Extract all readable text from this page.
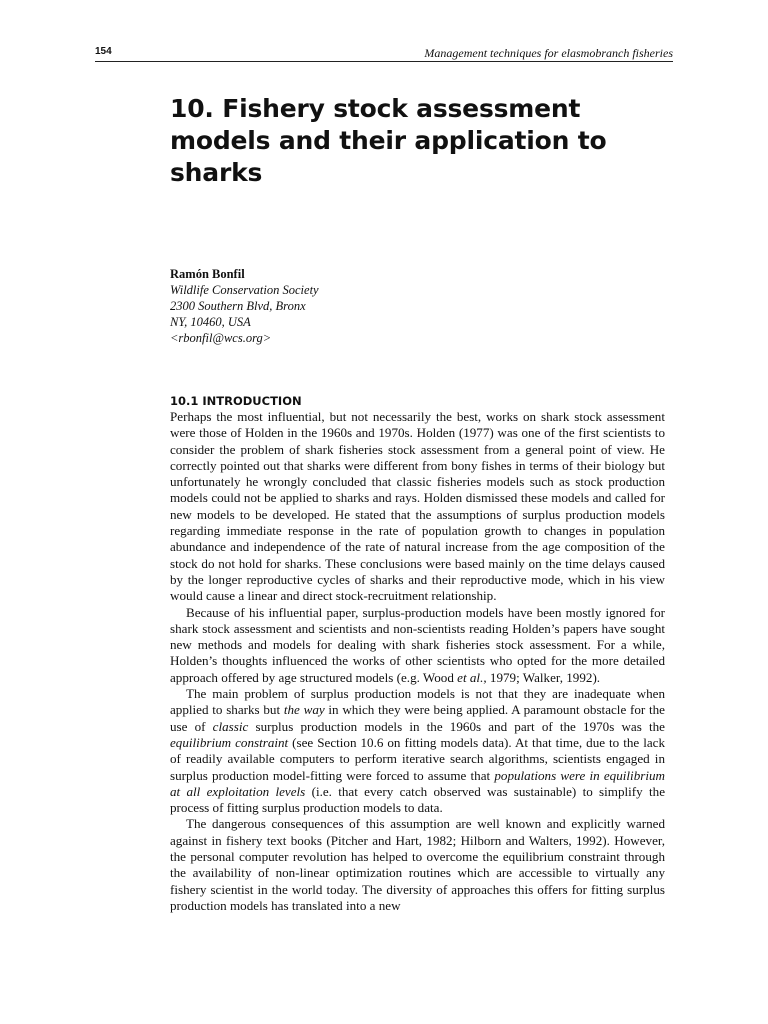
154	Management techniques for elasmobranch fisheries
10. Fishery stock assessment models and their application to sharks
Ramón Bonfil
Wildlife Conservation Society
2300 Southern Blvd, Bronx
NY, 10460, USA
<rbonfil@wcs.org>
10.1 INTRODUCTION

Perhaps the most influential, but not necessarily the best, works on shark stock assessment were those of Holden in the 1960s and 1970s. Holden (1977) was one of the first scientists to consider the problem of shark fisheries stock assessment from a general point of view. He correctly pointed out that sharks were different from bony fishes in terms of their biology but unfortunately he wrongly concluded that classic fisheries models such as stock production models could not be applied to sharks and rays. Holden dismissed these models and called for new models to be developed. He stated that the assumptions of surplus production models regarding immediate response in the rate of population growth to changes in population abundance and independence of the rate of natural increase from the age composition of the stock do not hold for sharks. These conclusions were based mainly on the time delays caused by the longer reproductive cycles of sharks and their reproductive mode, which in his view would cause a linear and direct stock-recruitment relationship.

Because of his influential paper, surplus-production models have been mostly ignored for shark stock assessment and scientists and non-scientists reading Holden’s papers have sought new methods and models for dealing with shark fisheries stock assessment. For a while, Holden’s thoughts influenced the works of other scientists who opted for the more detailed approach offered by age structured models (e.g. Wood et al., 1979; Walker, 1992).

The main problem of surplus production models is not that they are inadequate when applied to sharks but the way in which they were being applied. A paramount obstacle for the use of classic surplus production models in the 1960s and part of the 1970s was the equilibrium constraint (see Section 10.6 on fitting models data). At that time, due to the lack of readily available computers to perform iterative search algorithms, scientists engaged in surplus production model-fitting were forced to assume that populations were in equilibrium at all exploitation levels (i.e. that every catch observed was sustainable) to simplify the process of fitting surplus production models to data.

The dangerous consequences of this assumption are well known and explicitly warned against in fishery text books (Pitcher and Hart, 1982; Hilborn and Walters, 1992). However, the personal computer revolution has helped to overcome the equilibrium constraint through the availability of non-linear optimization routines which are accessible to virtually any fishery scientist in the world today. The diversity of approaches this offers for fitting surplus production models has translated into a new
